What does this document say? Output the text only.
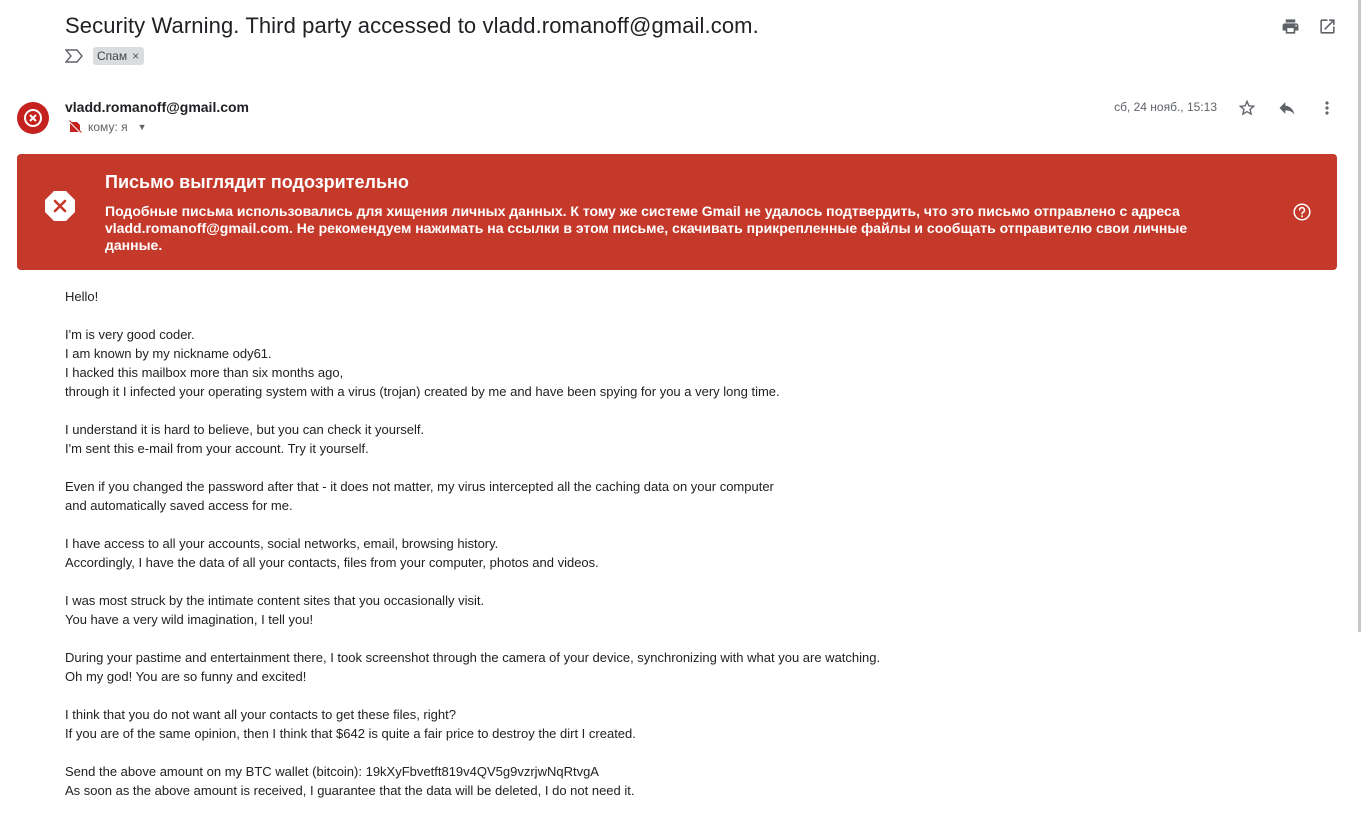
Security Warning. Third party accessed to vladd.romanoff@gmail.com.
Спам ×
vladd.romanoff@gmail.com
кому: я ▼
сб, 24 нояб., 15:13
Письмо выглядит подозрительно
Подобные письма использовались для хищения личных данных. К тому же системе Gmail не удалось подтвердить, что это письмо отправлено с адреса vladd.romanoff@gmail.com. Не рекомендуем нажимать на ссылки в этом письме, скачивать прикрепленные файлы и сообщать отправителю свои личные данные.

Hello!

I'm is very good coder.
I am known by my nickname ody61.
I hacked this mailbox more than six months ago,
through it I infected your operating system with a virus (trojan) created by me and have been spying for you a very long time.

I understand it is hard to believe, but you can check it yourself.
I'm sent this e-mail from your account. Try it yourself.

Even if you changed the password after that - it does not matter, my virus intercepted all the caching data on your computer
and automatically saved access for me.

I have access to all your accounts, social networks, email, browsing history.
Accordingly, I have the data of all your contacts, files from your computer, photos and videos.

I was most struck by the intimate content sites that you occasionally visit.
You have a very wild imagination, I tell you!

During your pastime and entertainment there, I took screenshot through the camera of your device, synchronizing with what you are watching.
Oh my god! You are so funny and excited!

I think that you do not want all your contacts to get these files, right?
If you are of the same opinion, then I think that $642 is quite a fair price to destroy the dirt I created.

Send the above amount on my BTC wallet (bitcoin): 19kXyFbvetft819v4QV5g9vzrjwNqRtvgA
As soon as the above amount is received, I guarantee that the data will be deleted, I do not need it.
